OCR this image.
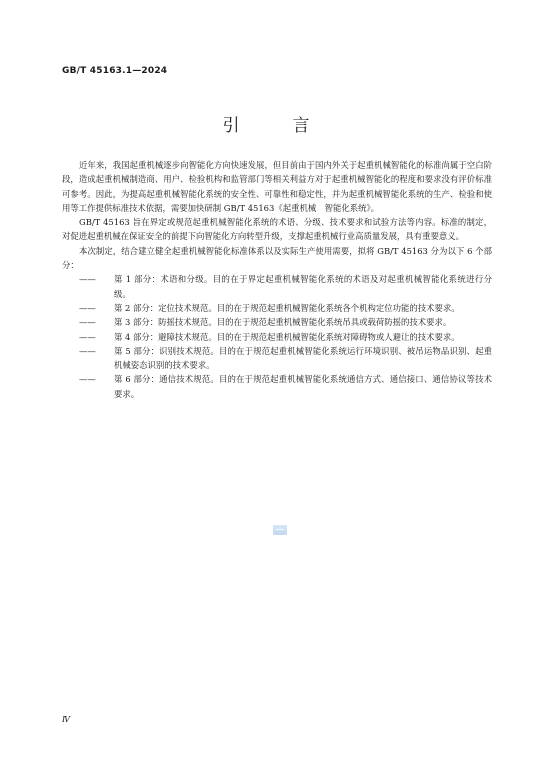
GB/T 45163.1—2024
引　言

近年来，我国起重机械逐步向智能化方向快速发展，但目前由于国内外关于起重机械智能化的标准尚属于空白阶段，造成起重机械制造商、用户、检验机构和监管部门等相关利益方对于起重机械智能化的程度和要求没有评价标准可参考。因此，为提高起重机械智能化系统的安全性、可靠性和稳定性，并为起重机械智能化系统的生产、检验和使用等工作提供标准技术依据，需要加快研制 GB/T 45163《起重机械　智能化系统》。

GB/T 45163 旨在界定或规范起重机械智能化系统的术语、分级、技术要求和试验方法等内容。标准的制定，对促进起重机械在保证安全的前提下向智能化方向转型升级，支撑起重机械行业高质量发展，具有重要意义。

本次制定，结合建立健全起重机械智能化标准体系以及实际生产使用需要，拟将 GB/T 45163 分为以下 6 个部分：

——	第 1 部分：术语和分级。目的在于界定起重机械智能化系统的术语及对起重机械智能化系统进行分级。
——	第 2 部分：定位技术规范。目的在于规范起重机械智能化系统各个机构定位功能的技术要求。
——	第 3 部分：防摇技术规范。目的在于规范起重机械智能化系统吊具或载荷防摇的技术要求。
——	第 4 部分：避障技术规范。目的在于规范起重机械智能化系统对障碍物或人避让的技术要求。
——	第 5 部分：识别技术规范。目的在于规范起重机械智能化系统运行环境识别、被吊运物品识别、起重机械姿态识别的技术要求。
——	第 6 部分：通信技术规范。目的在于规范起重机械智能化系统通信方式、通信接口、通信协议等技术要求。
Ⅳ
